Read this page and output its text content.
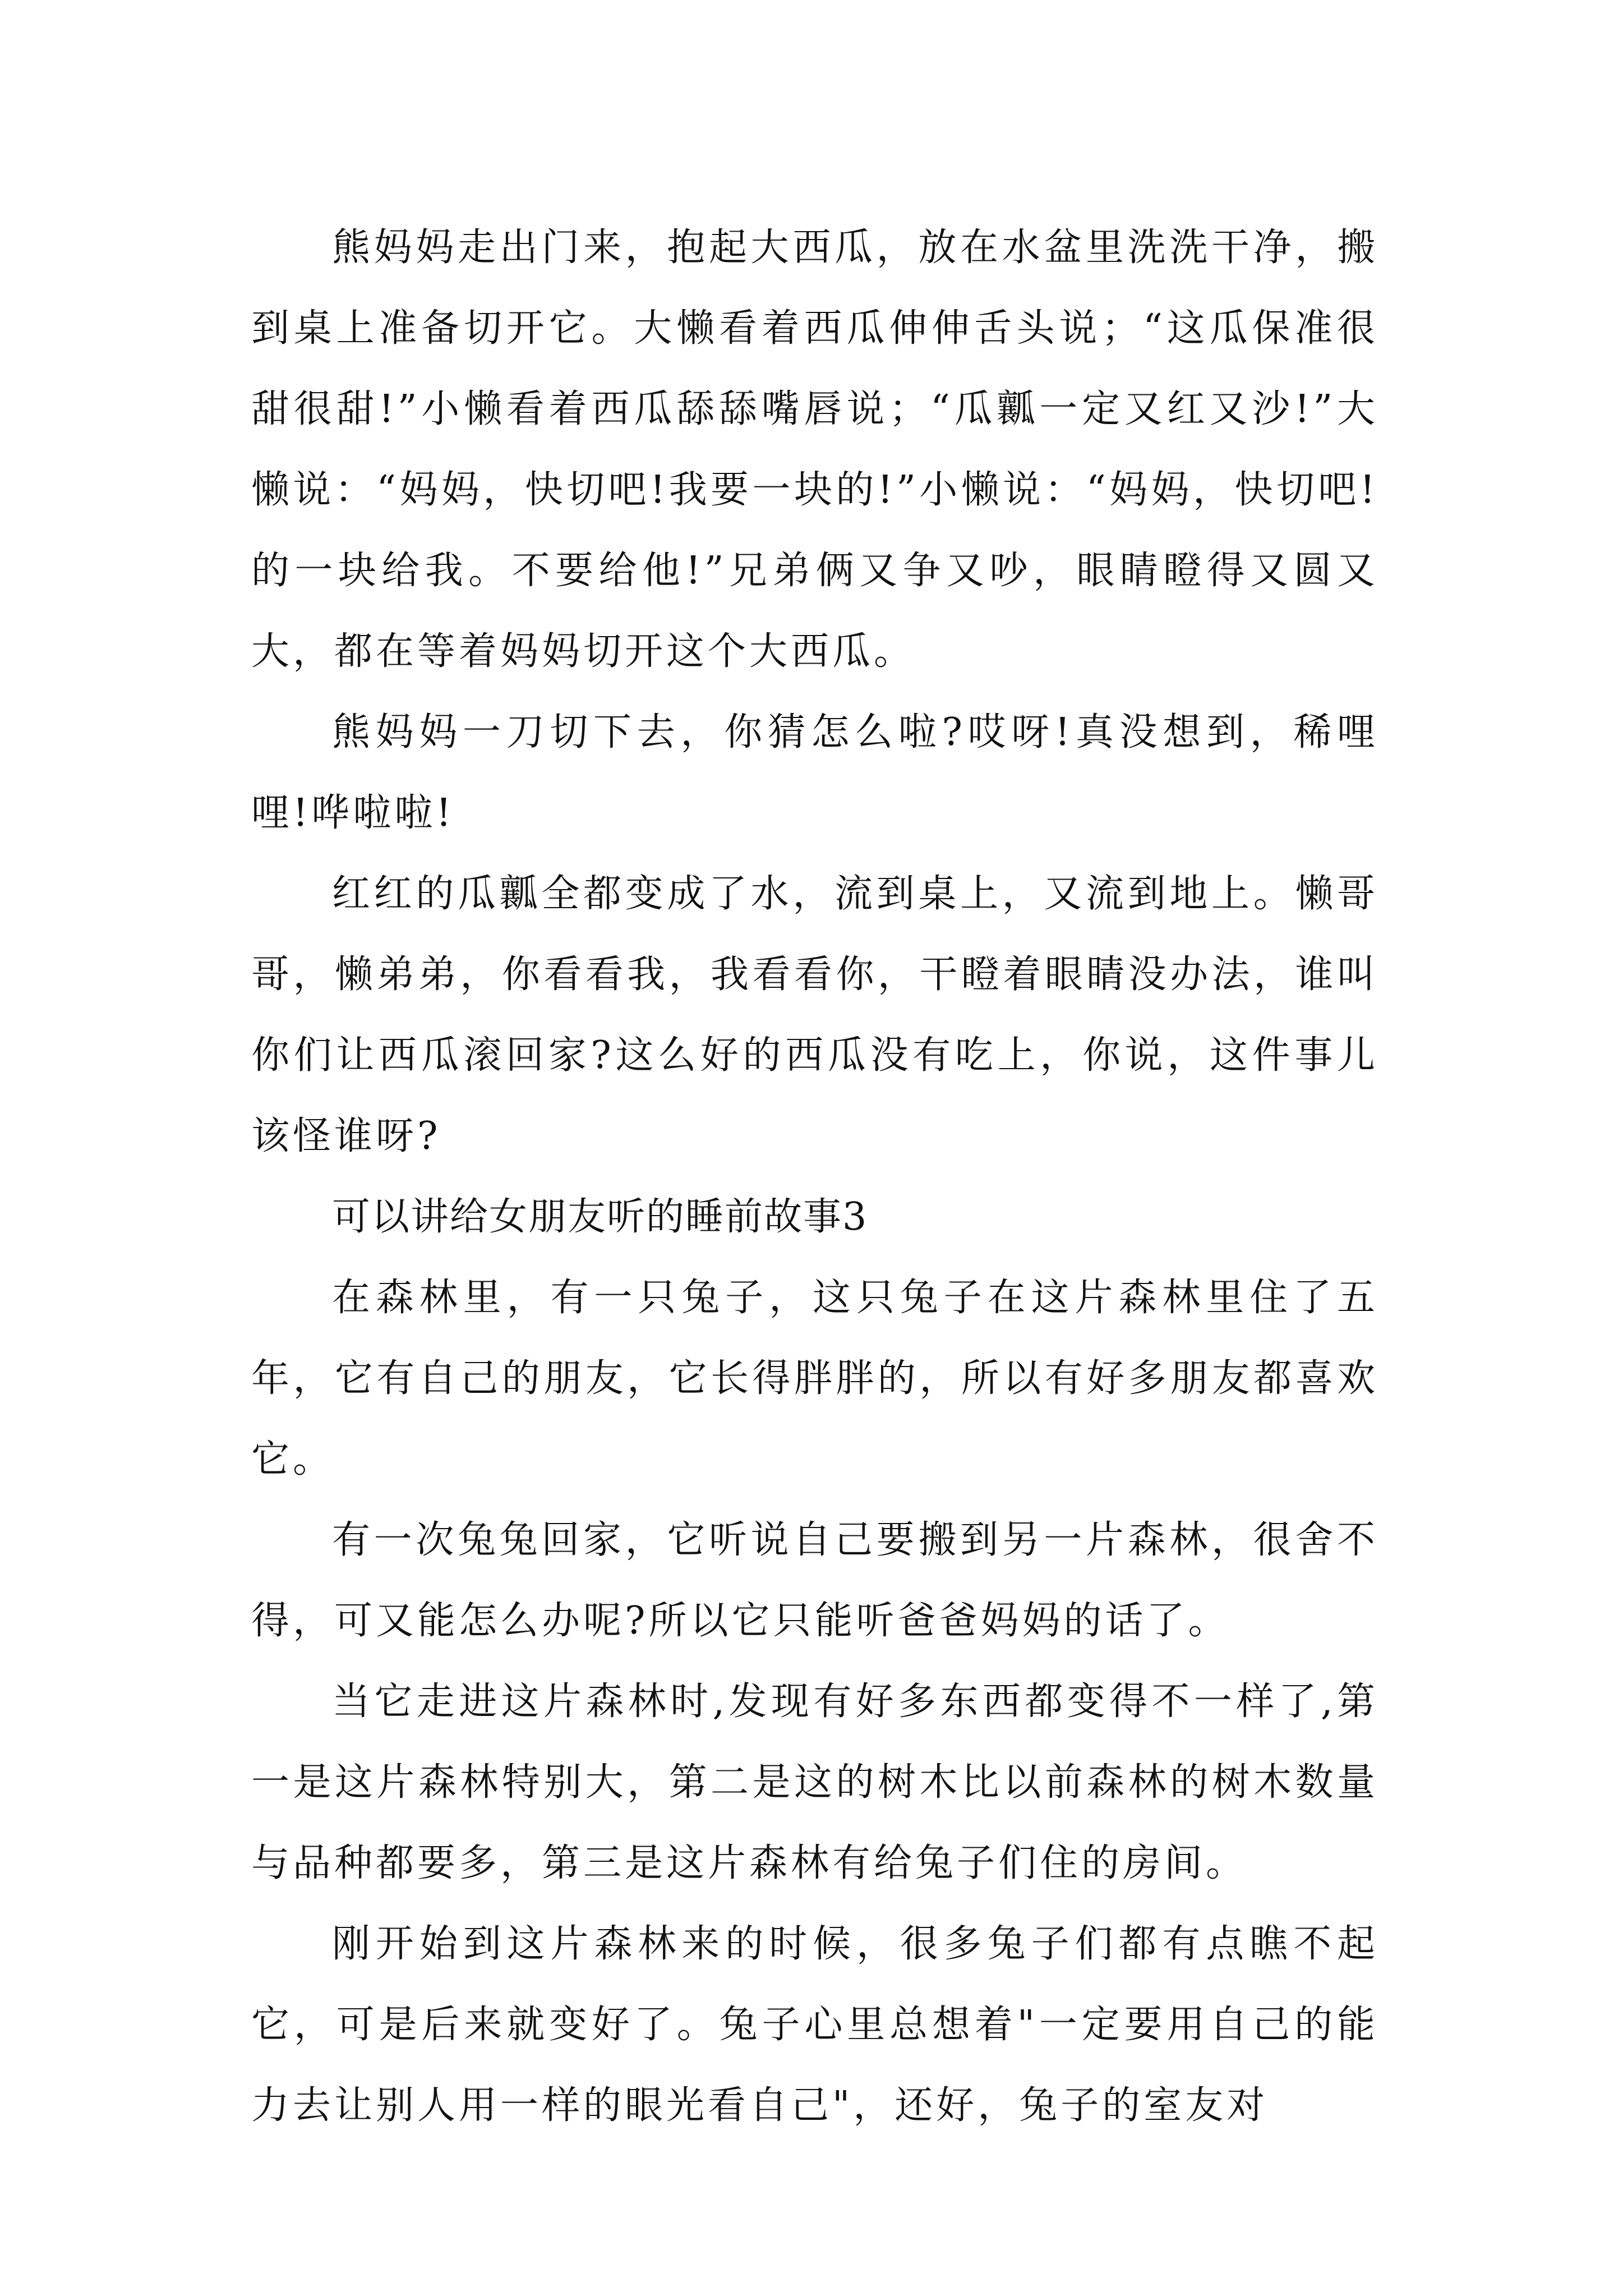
熊妈妈走出门来，抱起大西瓜，放在水盆里洗洗干净，搬到桌上准备切开它。大懒看着西瓜伸伸舌头说；“这瓜保准很甜很甜!”小懒看着西瓜舔舔嘴唇说；“瓜瓤一定又红又沙!”大懒说：“妈妈，快切吧!我要一块的!”小懒说：“妈妈，快切吧!的一块给我。不要给他!”兄弟俩又争又吵，眼睛瞪得又圆又大，都在等着妈妈切开这个大西瓜。

熊妈妈一刀切下去，你猜怎么啦?哎呀!真没想到，稀哩哩!哗啦啦!

红红的瓜瓤全都变成了水，流到桌上，又流到地上。懒哥哥，懒弟弟，你看看我，我看看你，干瞪着眼睛没办法，谁叫你们让西瓜滚回家?这么好的西瓜没有吃上，你说，这件事儿该怪谁呀?

可以讲给女朋友听的睡前故事3

在森林里，有一只兔子，这只兔子在这片森林里住了五年，它有自己的朋友，它长得胖胖的，所以有好多朋友都喜欢它。

有一次兔兔回家，它听说自己要搬到另一片森林，很舍不得，可又能怎么办呢?所以它只能听爸爸妈妈的话了。

当它走进这片森林时,发现有好多东西都变得不一样了,第一是这片森林特别大，第二是这的树木比以前森林的树木数量与品种都要多，第三是这片森林有给兔子们住的房间。

刚开始到这片森林来的时候，很多兔子们都有点瞧不起它，可是后来就变好了。兔子心里总想着"一定要用自己的能力去让别人用一样的眼光看自己"，还好，兔子的室友对
